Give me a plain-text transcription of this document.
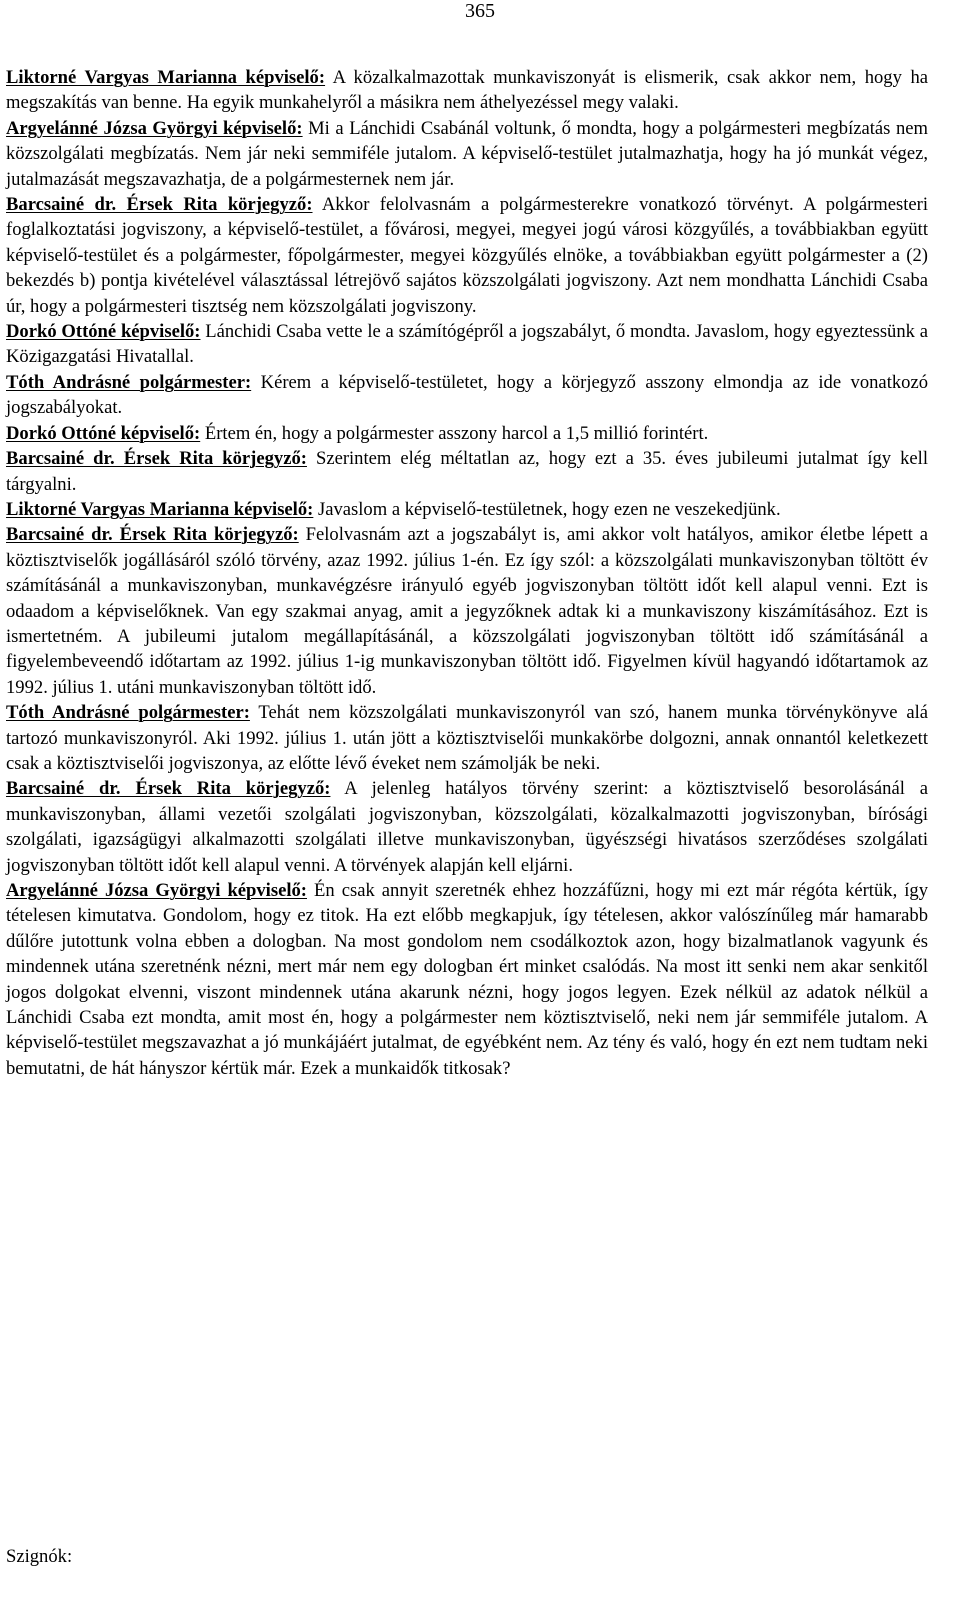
365

Liktorné Vargyas Marianna képviselő: A közalkalmazottak munkaviszonyát is elismerik, csak akkor nem, hogy ha megszakítás van benne. Ha egyik munkahelyről a másikra nem áthelyezéssel megy valaki.

Argyelánné Józsa Györgyi képviselő: Mi a Lánchidi Csabánál voltunk, ő mondta, hogy a polgármesteri megbízatás nem közszolgálati megbízatás. Nem jár neki semmiféle jutalom. A képviselő-testület jutalmazhatja, hogy ha jó munkát végez, jutalmazását megszavazhatja, de a polgármesternek nem jár.

Barcsainé dr. Érsek Rita körjegyző: Akkor felolvasnám a polgármesterekre vonatkozó törvényt. A polgármesteri foglalkoztatási jogviszony, a képviselő-testület, a fővárosi, megyei, megyei jogú városi közgyűlés, a továbbiakban együtt képviselő-testület és a polgármester, főpolgármester, megyei közgyűlés elnöke, a továbbiakban együtt polgármester a (2) bekezdés b) pontja kivételével választással létrejövő sajátos közszolgálati jogviszony. Azt nem mondhatta Lánchidi Csaba úr, hogy a polgármesteri tisztség nem közszolgálati jogviszony.

Dorkó Ottóné képviselő: Lánchidi Csaba vette le a számítógépről a jogszabályt, ő mondta. Javaslom, hogy egyeztessünk a Közigazgatási Hivatallal.

Tóth Andrásné polgármester: Kérem a képviselő-testületet, hogy a körjegyző asszony elmondja az ide vonatkozó jogszabályokat.

Dorkó Ottóné képviselő: Értem én, hogy a polgármester asszony harcol a 1,5 millió forintért.

Barcsainé dr. Érsek Rita körjegyző: Szerintem elég méltatlan az, hogy ezt a 35. éves jubileumi jutalmat így kell tárgyalni.

Liktorné Vargyas Marianna képviselő: Javaslom a képviselő-testületnek, hogy ezen ne veszekedjünk.

Barcsainé dr. Érsek Rita körjegyző: Felolvasnám azt a jogszabályt is, ami akkor volt hatályos, amikor életbe lépett a köztisztviselők jogállásáról szóló törvény, azaz 1992. július 1-én. Ez így szól: a közszolgálati munkaviszonyban töltött év számításánál a munkaviszonyban, munkavégzésre irányuló egyéb jogviszonyban töltött időt kell alapul venni. Ezt is odaadom a képviselőknek. Van egy szakmai anyag, amit a jegyzőknek adtak ki a munkaviszony kiszámításához. Ezt is ismertetném. A jubileumi jutalom megállapításánál, a közszolgálati jogviszonyban töltött idő számításánál a figyelembeveendő időtartam az 1992. július 1-ig munkaviszonyban töltött idő. Figyelmen kívül hagyandó időtartamok az 1992. július 1. utáni munkaviszonyban töltött idő.

Tóth Andrásné polgármester: Tehát nem közszolgálati munkaviszonyról van szó, hanem munka törvénykönyve alá tartozó munkaviszonyról. Aki 1992. július 1. után jött a köztisztviselői munkakörbe dolgozni, annak onnantól keletkezett csak a köztisztviselői jogviszonya, az előtte lévő éveket nem számolják be neki.

Barcsainé dr. Érsek Rita körjegyző: A jelenleg hatályos törvény szerint: a köztisztviselő besorolásánál a munkaviszonyban, állami vezetői szolgálati jogviszonyban, közszolgálati, közalkalmazotti jogviszonyban, bírósági szolgálati, igazságügyi alkalmazotti szolgálati illetve munkaviszonyban, ügyészségi hivatásos szerződéses szolgálati jogviszonyban töltött időt kell alapul venni. A törvények alapján kell eljárni.

Argyelánné Józsa Györgyi képviselő: Én csak annyit szeretnék ehhez hozzáfűzni, hogy mi ezt már régóta kértük, így tételesen kimutatva. Gondolom, hogy ez titok. Ha ezt előbb megkapjuk, így tételesen, akkor valószínűleg már hamarabb dűlőre jutottunk volna ebben a dologban. Na most gondolom nem csodálkoztok azon, hogy bizalmatlanok vagyunk és mindennek utána szeretnénk nézni, mert már nem egy dologban ért minket csalódás. Na most itt senki nem akar senkitől jogos dolgokat elvenni, viszont mindennek utána akarunk nézni, hogy jogos legyen. Ezek nélkül az adatok nélkül a Lánchidi Csaba ezt mondta, amit most én, hogy a polgármester nem köztisztviselő, neki nem jár semmiféle jutalom. A képviselő-testület megszavazhat a jó munkájáért jutalmat, de egyébként nem. Az tény és való, hogy én ezt nem tudtam neki bemutatni, de hát hányszor kértük már. Ezek a munkaidők titkosak?

Szignók:
